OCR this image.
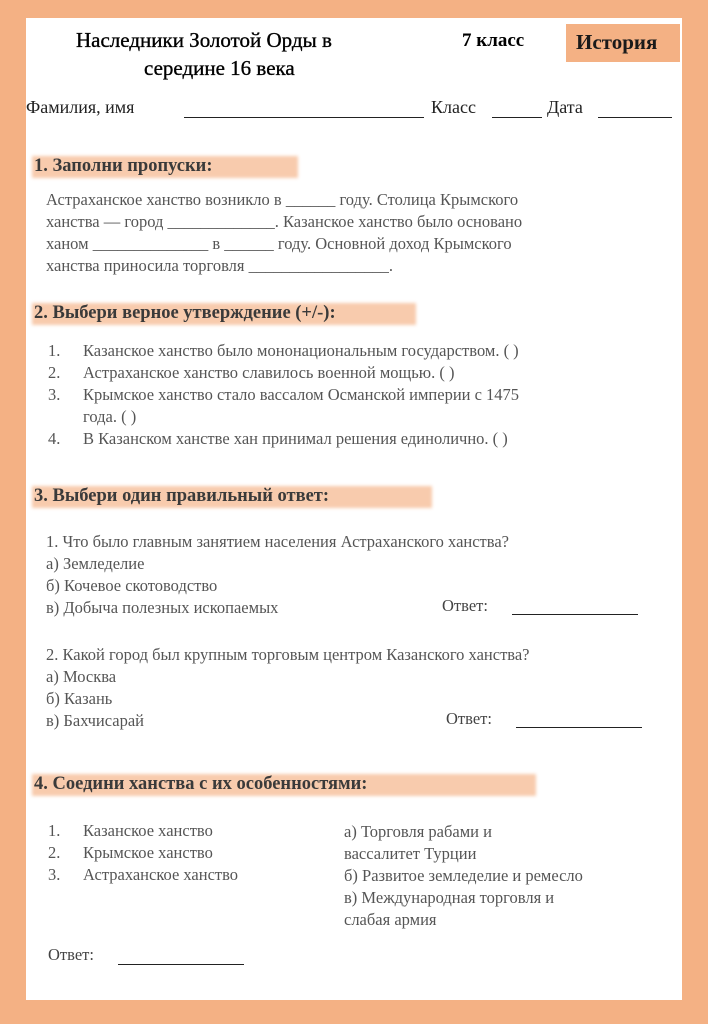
Наследники Золотой Орды в
середине 16 века
7 класс История
Фамилия, имя	Класс	Дата
1. Заполни пропуски:
Астраханское ханство возникло в ______ году. Столица Крымского
ханства — город _____________. Казанское ханство было основано
ханом ______________ в ______ году. Основной доход Крымского
ханства приносила торговля _________________.
2. Выбери верное утверждение (+/-):
1. Казанское ханство было мононациональным государством. ( )
2. Астраханское ханство славилось военной мощью. ( )
3. Крымское ханство стало вассалом Османской империи с 1475
года. ( )
4. В Казанском ханстве хан принимал решения единолично. ( )
3. Выбери один правильный ответ:
1. Что было главным занятием населения Астраханского ханства?
а) Земледелие
б) Кочевое скотоводство
в) Добыча полезных ископаемых	Ответ:
2. Какой город был крупным торговым центром Казанского ханства?
а) Москва
б) Казань
в) Бахчисарай	Ответ:
4. Соедини ханства с их особенностями:
1. Казанское ханство
2. Крымское ханство
3. Астраханское ханство
а) Торговля рабами и
вассалитет Турции
б) Развитое земледелие и ремесло
в) Международная торговля и
слабая армия
Ответ:
